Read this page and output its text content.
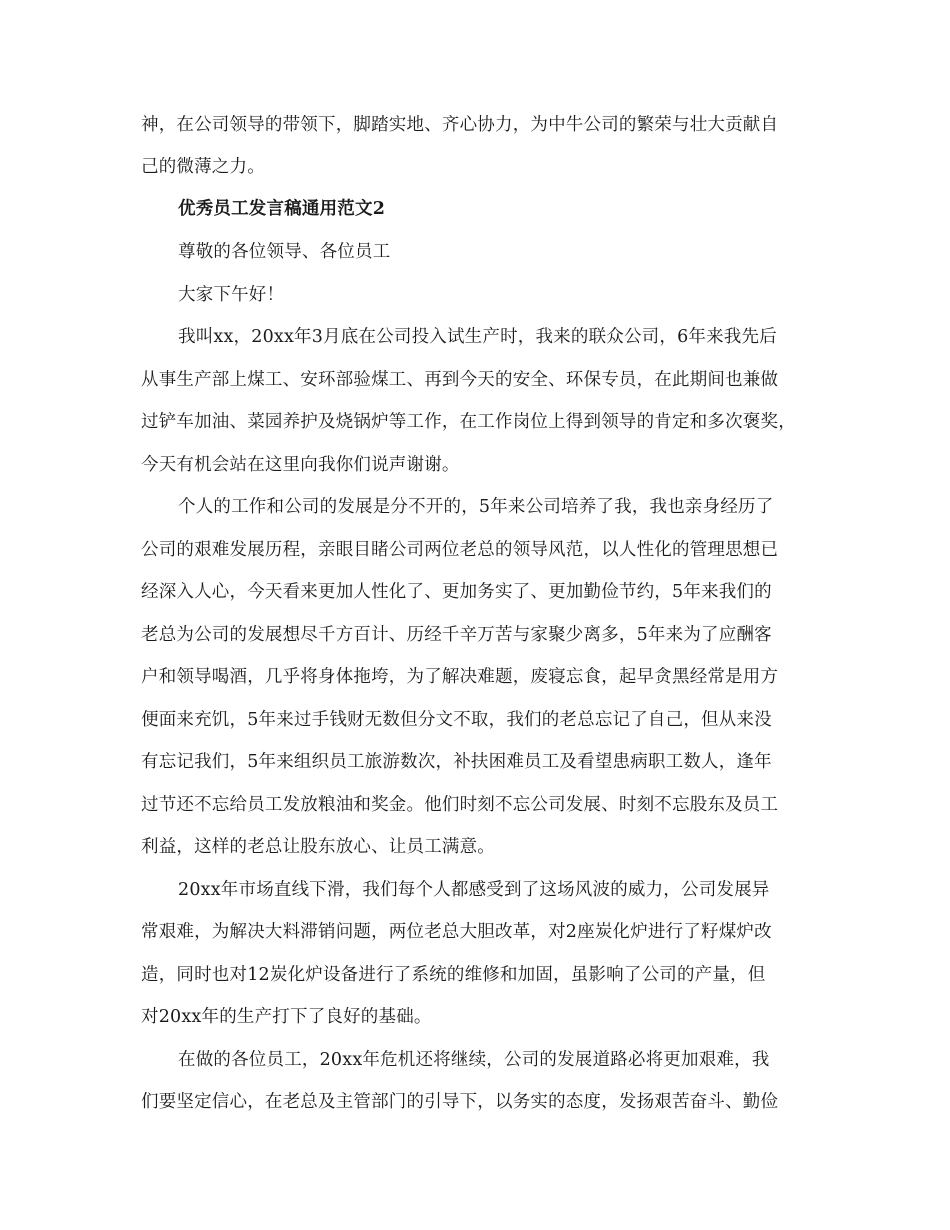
神，在公司领导的带领下，脚踏实地、齐心协力，为中牛公司的繁荣与壮大贡献自
己的微薄之力。
优秀员工发言稿通用范文2
尊敬的各位领导、各位员工
大家下午好！
我叫xx，20xx年3月底在公司投入试生产时，我来的联众公司，6年来我先后
从事生产部上煤工、安环部验煤工、再到今天的安全、环保专员，在此期间也兼做
过铲车加油、菜园养护及烧锅炉等工作，在工作岗位上得到领导的肯定和多次褒奖，
今天有机会站在这里向我你们说声谢谢。
个人的工作和公司的发展是分不开的，5年来公司培养了我，我也亲身经历了
公司的艰难发展历程，亲眼目睹公司两位老总的领导风范，以人性化的管理思想已
经深入人心，今天看来更加人性化了、更加务实了、更加勤俭节约，5年来我们的
老总为公司的发展想尽千方百计、历经千辛万苦与家聚少离多，5年来为了应酬客
户和领导喝酒，几乎将身体拖垮，为了解决难题，废寝忘食，起早贪黑经常是用方
便面来充饥，5年来过手钱财无数但分文不取，我们的老总忘记了自己，但从来没
有忘记我们，5年来组织员工旅游数次，补扶困难员工及看望患病职工数人，逢年
过节还不忘给员工发放粮油和奖金。他们时刻不忘公司发展、时刻不忘股东及员工
利益，这样的老总让股东放心、让员工满意。
20xx年市场直线下滑，我们每个人都感受到了这场风波的威力，公司发展异
常艰难，为解决大料滞销问题，两位老总大胆改革，对2座炭化炉进行了籽煤炉改
造，同时也对12炭化炉设备进行了系统的维修和加固，虽影响了公司的产量，但
对20xx年的生产打下了良好的基础。
在做的各位员工，20xx年危机还将继续，公司的发展道路必将更加艰难，我
们要坚定信心，在老总及主管部门的引导下，以务实的态度，发扬艰苦奋斗、勤俭
